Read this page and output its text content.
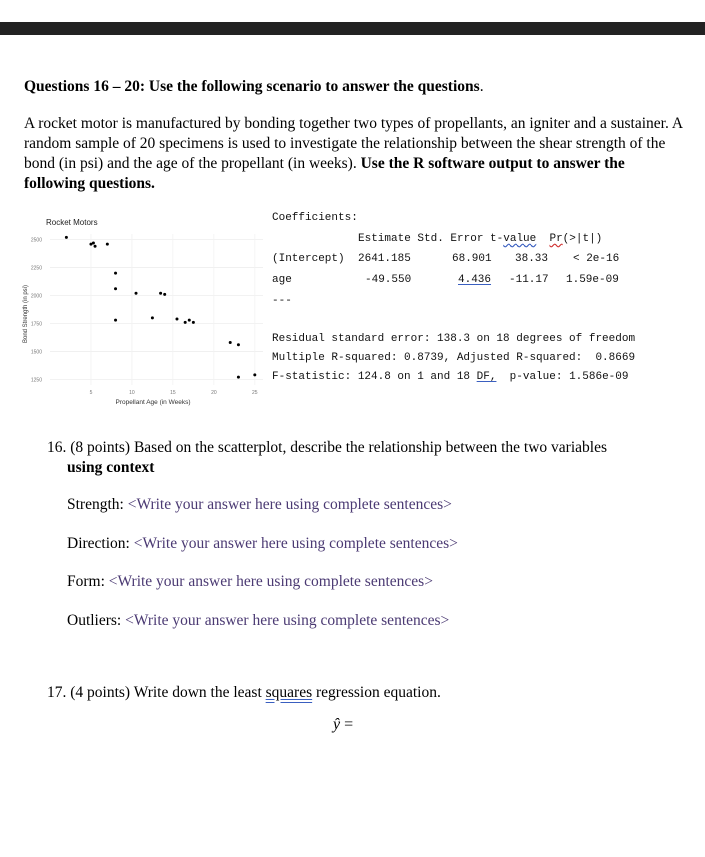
Questions 16 – 20: Use the following scenario to answer the questions.
A rocket motor is manufactured by bonding together two types of propellants, an igniter and a sustainer. A random sample of 20 specimens is used to investigate the relationship between the shear strength of the bond (in psi) and the age of the propellant (in weeks). Use the R software output to answer the following questions.
Rocket Motors
Bond Strength (in psi)
Propellant Age (in Weeks)
1250
1500
1750
2000
2250
2500
5	10	15	20	25
Coefficients:
Estimate Std. Error t-value Pr(>|t|)
(Intercept) 2641.185	68.901 38.33 < 2e-16
age	-49.550	4.436 -11.17 1.59e-09
---
Residual standard error: 138.3 on 18 degrees of freedom
Multiple R-squared: 0.8739, Adjusted R-squared:  0.8669
F-statistic: 124.8 on 1 and 18 DF,  p-value: 1.586e-09
16. (8 points) Based on the scatterplot, describe the relationship between the two variables
using context
Strength: <Write your answer here using complete sentences>
Direction: <Write your answer here using complete sentences>
Form: <Write your answer here using complete sentences>
Outliers: <Write your answer here using complete sentences>
17. (4 points) Write down the least squares regression equation.
ŷ =
